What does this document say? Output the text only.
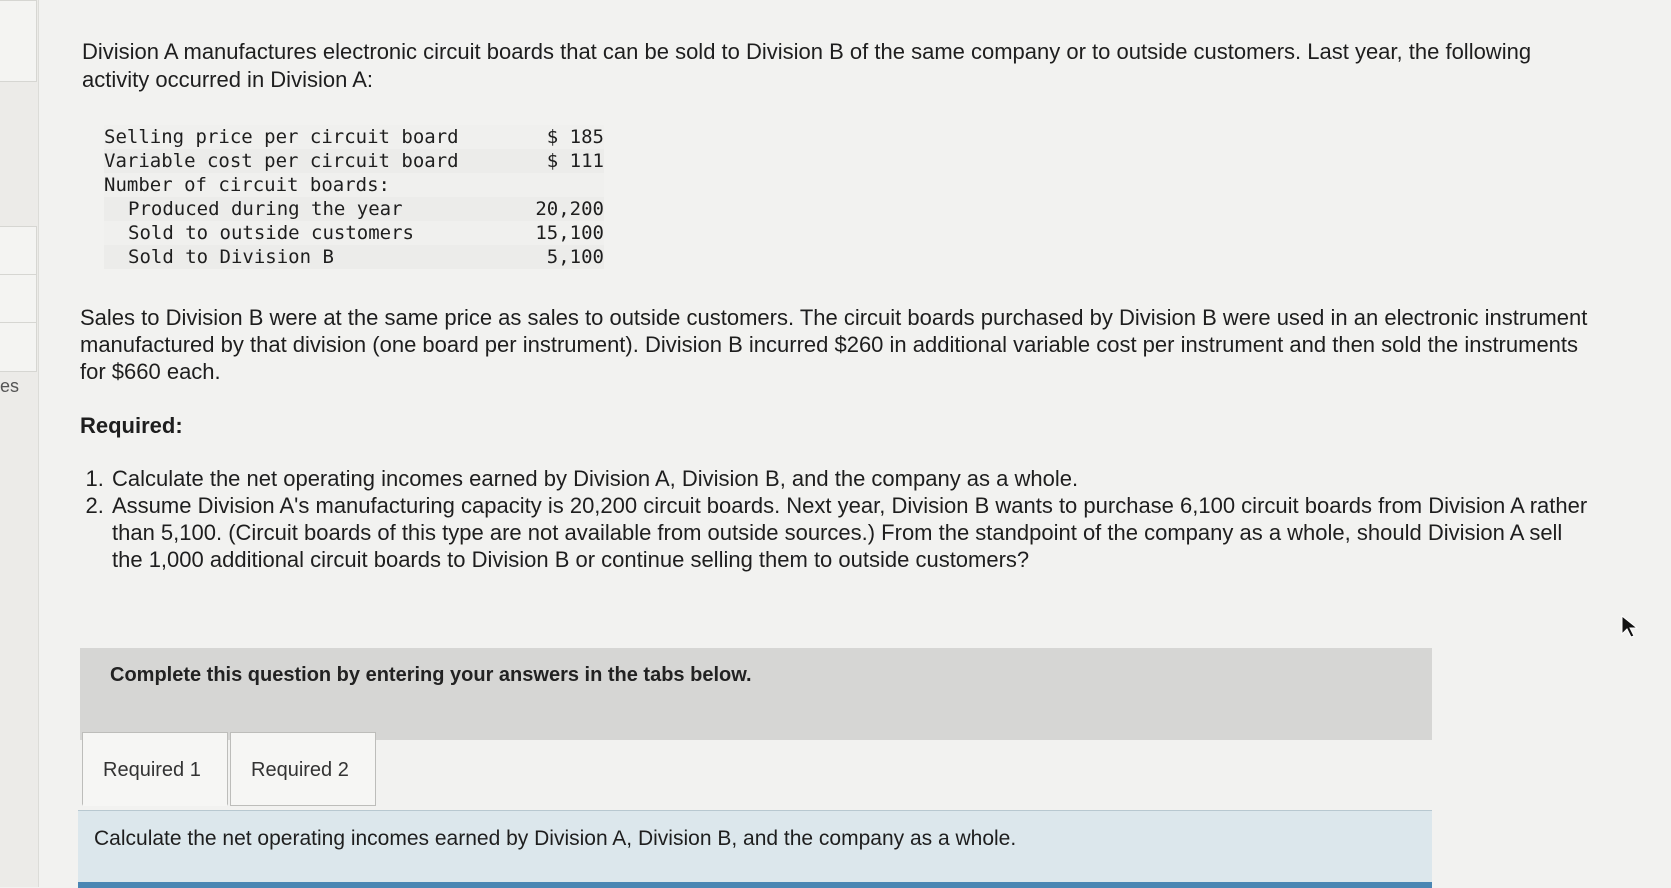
es
Division A manufactures electronic circuit boards that can be sold to Division B of the same company or to outside customers. Last year, the following activity occurred in Division A:
Selling price per circuit board	$ 185
Variable cost per circuit board	$ 111
Number of circuit boards:	
Produced during the year	20,200
Sold to outside customers	15,100
Sold to Division B	5,100
Sales to Division B were at the same price as sales to outside customers. The circuit boards purchased by Division B were used in an electronic instrument manufactured by that division (one board per instrument). Division B incurred $260 in additional variable cost per instrument and then sold the instruments for $660 each.
Required:
1. Calculate the net operating incomes earned by Division A, Division B, and the company as a whole.
2. Assume Division A's manufacturing capacity is 20,200 circuit boards. Next year, Division B wants to purchase 6,100 circuit boards from Division A rather than 5,100. (Circuit boards of this type are not available from outside sources.) From the standpoint of the company as a whole, should Division A sell the 1,000 additional circuit boards to Division B or continue selling them to outside customers?
Complete this question by entering your answers in the tabs below.
Required 1	Required 2
Calculate the net operating incomes earned by Division A, Division B, and the company as a whole.
